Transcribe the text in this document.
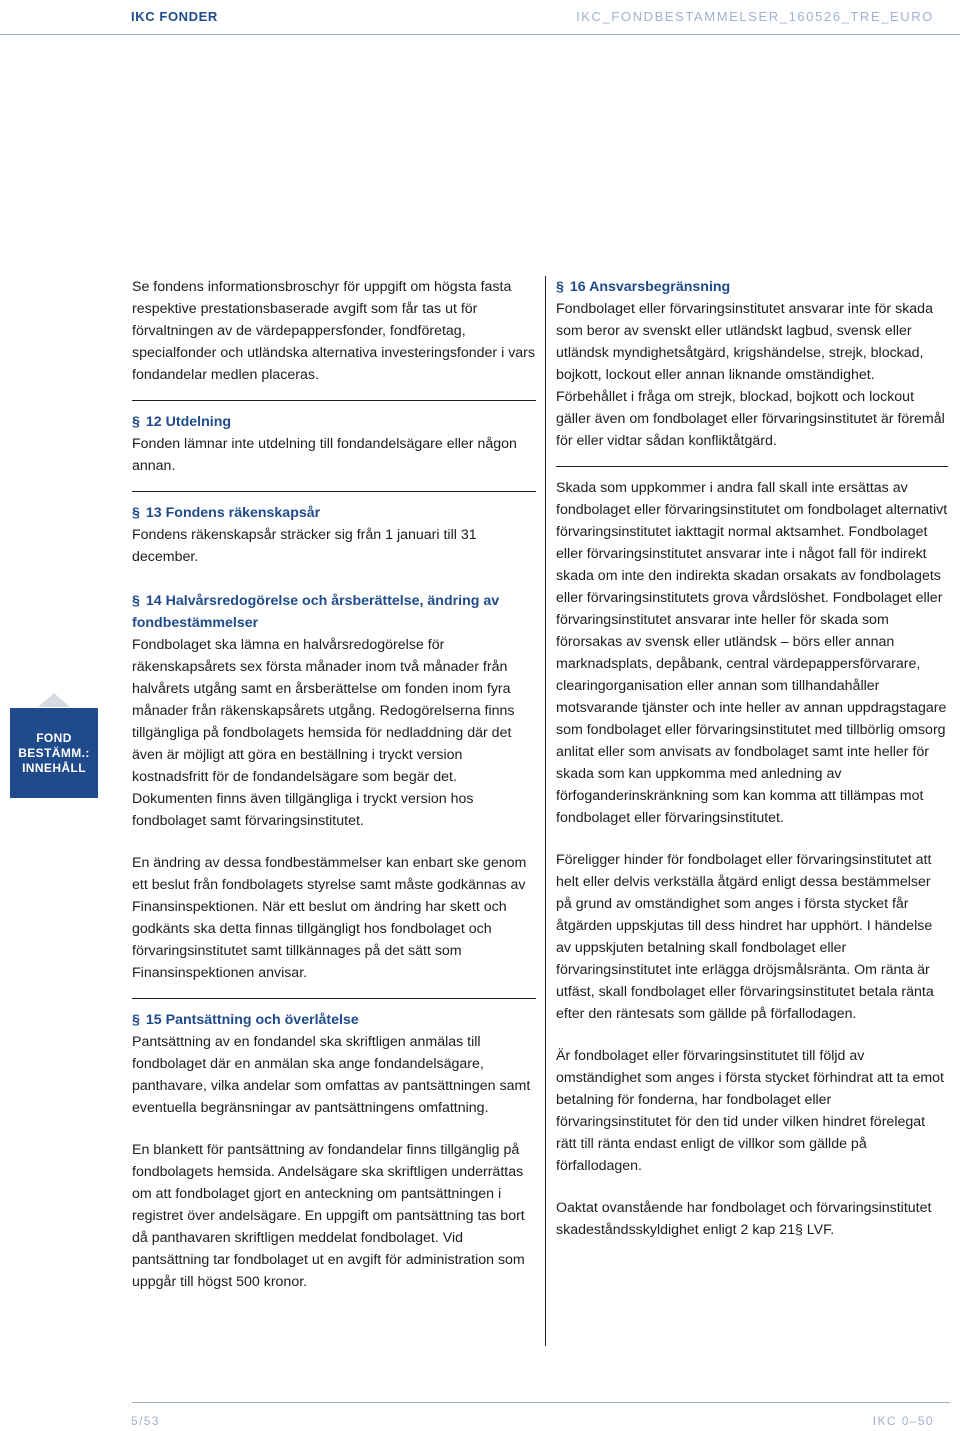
IKC FONDER	IKC_FONDBESTAMMELSER_160526_TRE_EURO
FOND
BESTÄMM.:
INNEHÅLL

Se fondens informationsbroschyr för uppgift om högsta fasta respektive prestationsbaserade avgift som får tas ut för förvaltningen av de värdepappersfonder, fondföretag, specialfonder och utländska alternativa investeringsfonder i vars fondandelar medlen placeras.

§ 12 Utdelning

Fonden lämnar inte utdelning till fondandelsägare eller någon annan.

§ 13 Fondens räkenskapsår

Fondens räkenskapsår sträcker sig från 1 januari till 31 december.

§ 14 Halvårsredogörelse och årsberättelse, ändring av fondbestämmelser

Fondbolaget ska lämna en halvårsredogörelse för räkenskapsårets sex första månader inom två månader från halvårets utgång samt en årsberättelse om fonden inom fyra månader från räkenskapsårets utgång. Redogörelserna finns tillgängliga på fondbolagets hemsida för nedladdning där det även är möjligt att göra en beställning i tryckt version kostnadsfritt för de fondandelsägare som begär det. Dokumenten finns även tillgängliga i tryckt version hos fondbolaget samt förvaringsinstitutet.

En ändring av dessa fondbestämmelser kan enbart ske genom ett beslut från fondbolagets styrelse samt måste godkännas av Finansinspektionen. När ett beslut om ändring har skett och godkänts ska detta finnas tillgängligt hos fondbolaget och förvaringsinstitutet samt tillkännages på det sätt som Finansinspektionen anvisar.

§ 15 Pantsättning och överlåtelse

Pantsättning av en fondandel ska skriftligen anmälas till fondbolaget där en anmälan ska ange fondandelsägare, panthavare, vilka andelar som omfattas av pantsättningen samt eventuella begränsningar av pantsättningens omfattning.

En blankett för pantsättning av fondandelar finns tillgänglig på fondbolagets hemsida. Andelsägare ska skriftligen underrättas om att fondbolaget gjort en anteckning om pantsättningen i registret över andelsägare. En uppgift om pantsättning tas bort då panthavaren skriftligen meddelat fondbolaget. Vid pantsättning tar fondbolaget ut en avgift för administration som uppgår till högst 500 kronor.

§ 16 Ansvarsbegränsning

Fondbolaget eller förvaringsinstitutet ansvarar inte för skada som beror av svenskt eller utländskt lagbud, svensk eller utländsk myndighetsåtgärd, krigshändelse, strejk, blockad, bojkott, lockout eller annan liknande omständighet. Förbehållet i fråga om strejk, blockad, bojkott och lockout gäller även om fondbolaget eller förvaringsinstitutet är föremål för eller vidtar sådan konfliktåtgärd.

Skada som uppkommer i andra fall skall inte ersättas av fondbolaget eller förvaringsinstitutet om fondbolaget alternativt förvaringsinstitutet iakttagit normal aktsamhet. Fondbolaget eller förvaringsinstitutet ansvarar inte i något fall för indirekt skada om inte den indirekta skadan orsakats av fondbolagets eller förvaringsinstitutets grova vårdslöshet. Fondbolaget eller förvaringsinstitutet ansvarar inte heller för skada som förorsakas av svensk eller utländsk – börs eller annan marknadsplats, depåbank, central värdepappersförvarare, clearingorganisation eller annan som tillhandahåller motsvarande tjänster och inte heller av annan uppdragstagare som fondbolaget eller förvaringsinstitutet med tillbörlig omsorg anlitat eller som anvisats av fondbolaget samt inte heller för skada som kan uppkomma med anledning av förfoganderinskränkning som kan komma att tillämpas mot fondbolaget eller förvaringsinstitutet.

Föreligger hinder för fondbolaget eller förvaringsinstitutet att helt eller delvis verkställa åtgärd enligt dessa bestämmelser på grund av omständighet som anges i första stycket får åtgärden uppskjutas till dess hindret har upphört. I händelse av uppskjuten betalning skall fondbolaget eller förvaringsinstitutet inte erlägga dröjsmålsränta. Om ränta är utfäst, skall fondbolaget eller förvaringsinstitutet betala ränta efter den räntesats som gällde på förfallodagen.

Är fondbolaget eller förvaringsinstitutet till följd av omständighet som anges i första stycket förhindrat att ta emot betalning för fonderna, har fondbolaget eller förvaringsinstitutet för den tid under vilken hindret förelegat rätt till ränta endast enligt de villkor som gällde på förfallodagen.

Oaktat ovanstående har fondbolaget och förvaringsinstitutet skadeståndsskyldighet enligt 2 kap 21§ LVF.

5/53	IKC 0–50
